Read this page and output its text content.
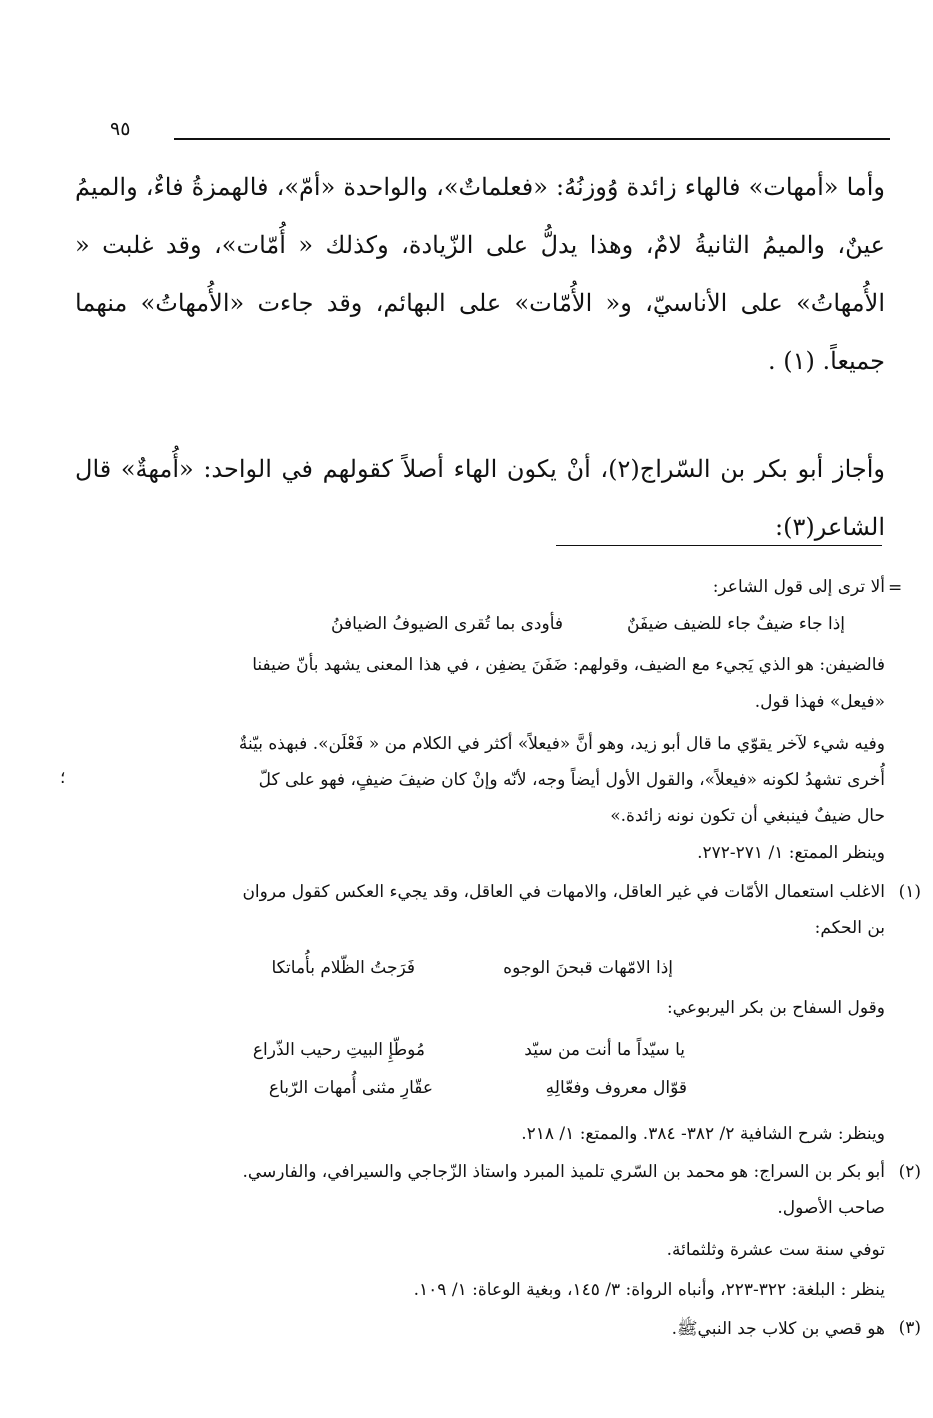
٩٥

وأما «أمهات» فالهاء زائدة وُوزنُهُ: «فعلماتٌ»، والواحدة «أمّ»، فالهمزةُ فاءٌ، والميمُ عينٌ، والميمُ الثانيةُ لامٌ، وهذا يدلُّ على الزّيادة، وكذلك « أُمّات»، وقد غلبت « الأُمهاتُ» على الأناسيّ، و« الأُمّات» على البهائم، وقد جاءت «الأُمهاتُ» منهما جميعاً. (١) .

وأجاز أبو بكر بن السّراج(٢)، أنْ يكون الهاء أصلاً كقولهم في الواحد: «أُمهةٌ» قال الشاعر(٣):

=
؛
ألا ترى إلى قول الشاعر:
فالضيفن: هو الذي يَجيء مع الضيف، وقولهم: ضَفَنَ يضفِن ، في هذا المعنى يشهد بأنّ ضيفنا
«فيعل» فهذا قول.
وفيه شيء لآخر يقوّي ما قال أبو زيد، وهو أنَّ «فيعلاً» أكثر في الكلام من « فَعْلَن». فبهذه بيّنةٌ
أُخرى تشهدُ لكونه «فيعلاً»، والقول الأول أيضاً وجه، لأنّه وإنْ كان ضيفَ ضيفٍ، فهو على كلّ
حال ضيفٌ فينبغي أن تكون نونه زائدة.»
وينظر الممتع: ١/ ٢٧١-٢٧٢.
(١)
الاغلب استعمال الأمّات في غير العاقل، والامهات في العاقل، وقد يجيء العكس كقول مروان
بن الحكم:
وقول السفاح بن بكر اليربوعي:
وينظر: شرح الشافية ٢/ ٣٨٢- ٣٨٤. والممتع: ١/ ٢١٨.
(٢)
أبو بكر بن السراج: هو محمد بن السّري تلميذ المبرد واستاذ الزّجاجي والسيرافي، والفارسي.
صاحب الأصول.
توفي سنة ست عشرة وثلثمائة.
ينظر : البلغة: ٣٢٢-٢٢٣، وأنباه الرواة: ٣/ ١٤٥، وبغية الوعاة: ١/ ١٠٩.
(٣)
هو قصي بن كلاب جد النبيﷺ.
إذا جاء ضيفٌ جاء للضيف ضيفَنٌ
فأودى بما تُقرى الضيوفُ الضيافنُ
إذا الامّهات قبحنَ الوجوه
فَرَجتُ الظّلام بأُماتكا
يا سيّداً ما أنت من سيّد
مُوطّإِ البيتِ رحيب الذّراع
قوّال معروف وفعّالِهِ
عقّارِ مثنى أُمهات الرّباع
